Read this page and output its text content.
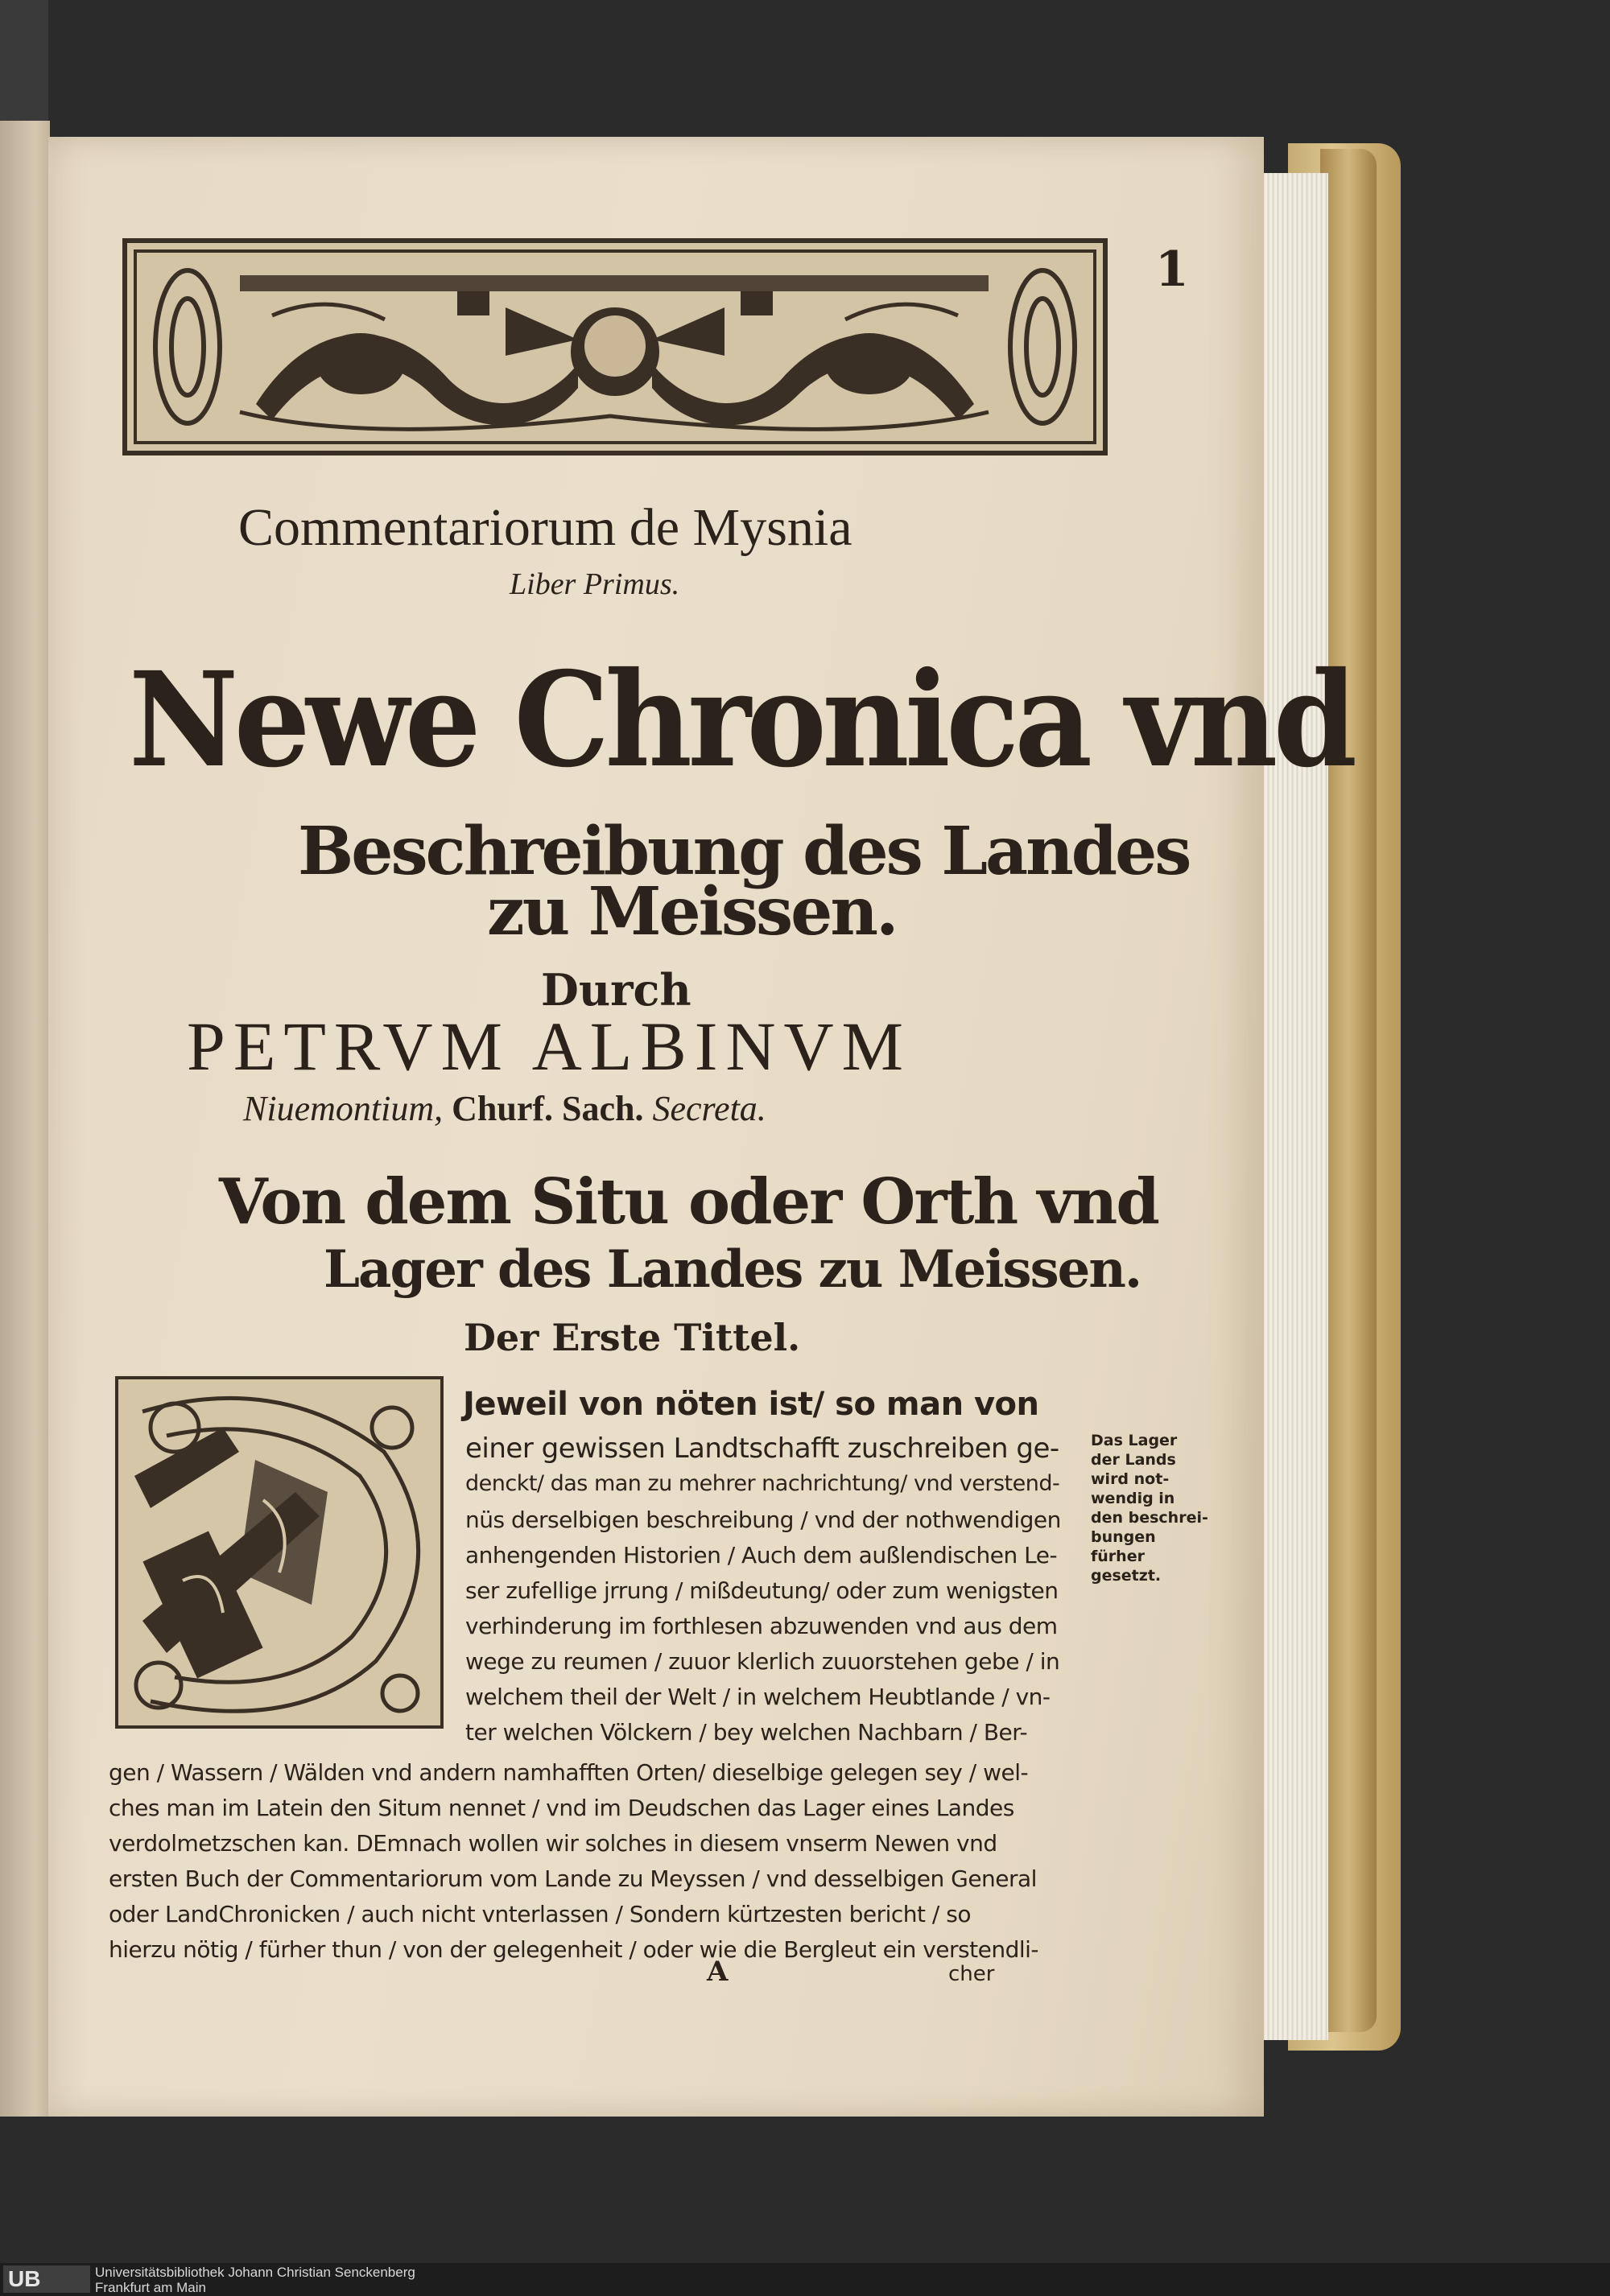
1
Commentariorum de Mysnia
Liber Primus.
Newe Chronica vnd
Beschreibung des Landes
zu Meissen.
Durch
PETRVM ALBINVM
Niuemontium, Churf. Sach. Secreta.
Von dem Situ oder Orth vnd
Lager des Landes zu Meissen.
Der Erste Tittel.
Jeweil von nöten ist/ so man von
einer gewissen Landtschafft zuschreiben ge-
denckt/ das man zu mehrer nachrichtung/ vnd verstend-
nüs derselbigen beschreibung / vnd der nothwendigen
anhengenden Historien / Auch dem außlendischen Le-
ser zufellige jrrung / mißdeutung/ oder zum wenigsten
verhinderung im forthlesen abzuwenden vnd aus dem
wege zu reumen / zuuor klerlich zuuorstehen gebe / in
welchem theil der Welt / in welchem Heubtlande / vn-
ter welchen Völckern / bey welchen Nachbarn / Ber-
gen / Wassern / Wälden vnd andern namhafften Orten/ dieselbige gelegen sey / wel-
ches man im Latein den Situm nennet / vnd im Deudschen das Lager eines Landes
verdolmetzschen kan. DEmnach wollen wir solches in diesem vnserm Newen vnd
ersten Buch der Commentariorum vom Lande zu Meyssen / vnd desselbigen General
oder LandChronicken / auch nicht vnterlassen / Sondern kürtzesten bericht / so
hierzu nötig / fürher thun / von der gelegenheit / oder wie die Bergleut ein verstendli-
Das Lager
der Lands
wird not-
wendig in
den beschrei-
bungen
fürher
gesetzt.
A	cher
UB	Universitätsbibliothek Johann Christian Senckenberg
Frankfurt am Main
